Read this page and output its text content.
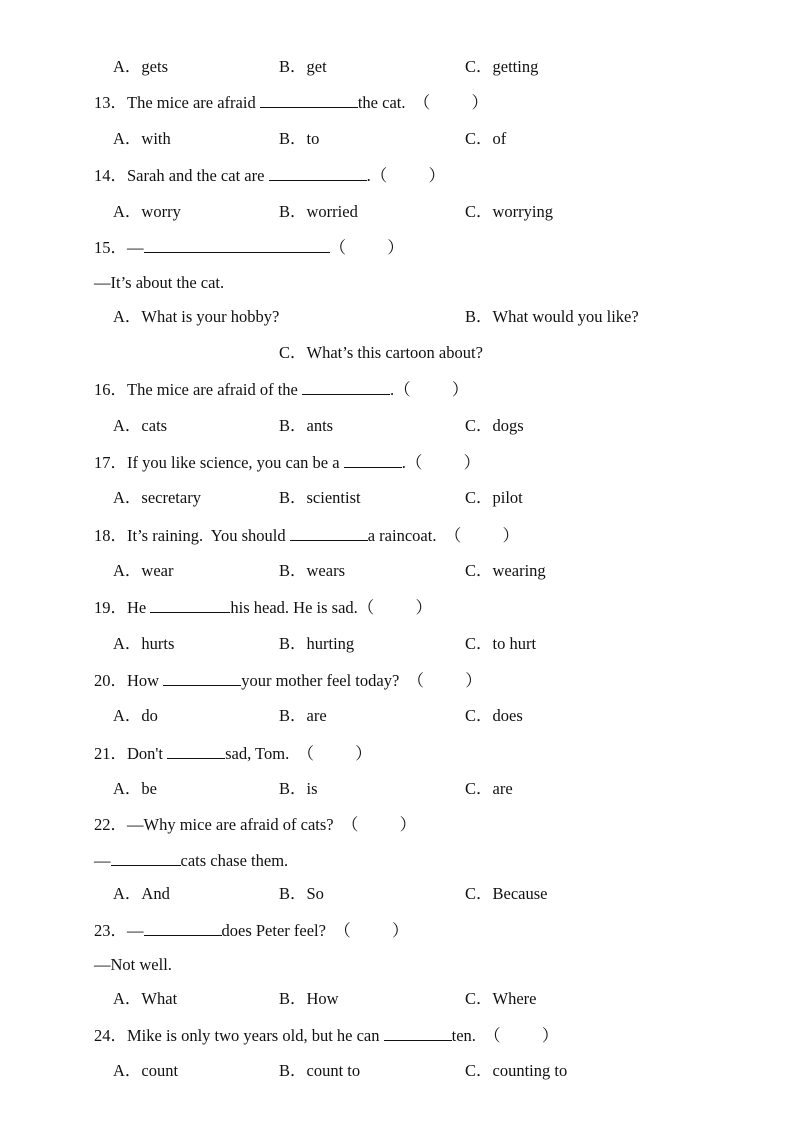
A．gets	B．get	C．getting
13．The mice are afraid	the cat.  （          ）
A．with	B．to	C．of
14．Sarah and the cat are	.（          ）
A．worry	B．worried	C．worrying
15．—	（          ）
—It’s about the cat.
A．What is your hobby?	B．What would you like?
C．What’s this cartoon about?
16．The mice are afraid of the	.（          ）
A．cats	B．ants	C．dogs
17．If you like science, you can be a	.（          ）
A．secretary	B．scientist	C．pilot
18．It’s raining.  You should	a raincoat.  （          ）
A．wear	B．wears	C．wearing
19．He	his head. He is sad.（          ）
A．hurts	B．hurting	C．to hurt
20．How	your mother feel today?  （          ）
A．do	B．are	C．does
21．Don't	sad, Tom.  （          ）
A．be	B．is	C．are
22．—Why mice are afraid of cats?  （          ）
—	cats chase them.
A．And	B．So	C．Because
23．—	does Peter feel?  （          ）
—Not well.
A．What	B．How	C．Where
24．Mike is only two years old, but he can	ten.  （          ）
A．count	B．count to	C．counting to
